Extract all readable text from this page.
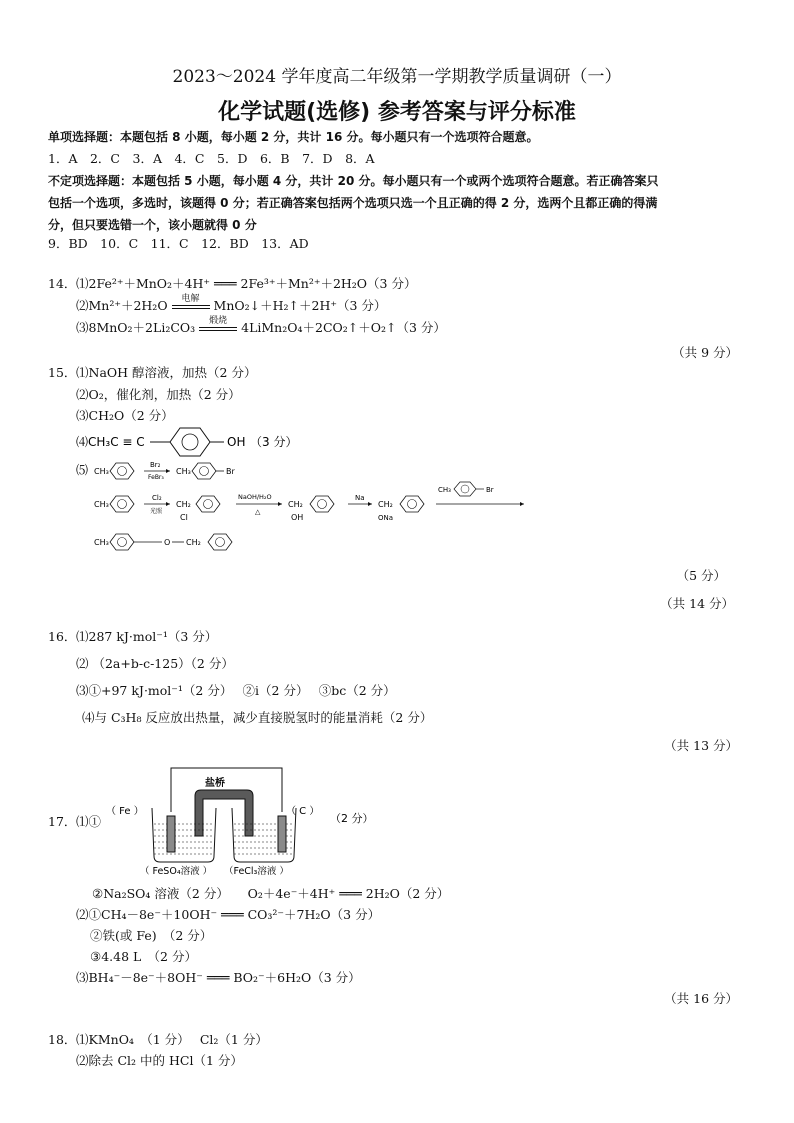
2023～2024 学年度高二年级第一学期教学质量调研（一）
化学试题(选修) 参考答案与评分标准
单项选择题：本题包括 8 小题，每小题 2 分，共计 16 分。每小题只有一个选项符合题意。
1．A　2．C　3．A　4．C　5．D　6．B　7．D　8．A
不定项选择题：本题包括 5 小题，每小题 4 分，共计 20 分。每小题只有一个或两个选项符合题意。若正确答案只
包括一个选项，多选时，该题得 0 分；若正确答案包括两个选项只选一个且正确的得 2 分，选两个且都正确的得满
分，但只要选错一个，该小题就得 0 分
9．BD　10．C　11．C　12．BD　13．AD
14． ⑴2Fe²⁺＋MnO₂＋4H⁺ ═══ 2Fe³⁺＋Mn²⁺＋2H₂O（3 分）
⑵Mn²⁺＋2H₂O	电解	MnO₂↓＋H₂↑＋2H⁺（3 分）
⑶8MnO₂＋2Li₂CO₃	煅烧	4LiMn₂O₄＋2CO₂↑＋O₂↑（3 分）
（共 9 分）
15． ⑴NaOH 醇溶液，加热（2 分）
⑵O₂，催化剂，加热（2 分）
⑶CH₂O（2 分）
⑷CH₃C ≡ C	OH （3 分）
⑸ CH₃
Br₂
FeBr₃
CH₃	Br
CH₃
Cl₂
光照
CH₂
Cl
NaOH/H₂O
△
CH₂
OH
Na
CH₂
ONa
CH₃	Br
CH₃	O CH₂
（5 分）
（共 14 分）
16． ⑴287 kJ·mol⁻¹（3 分）
⑵ （2a+b-c-125）（2 分）
⑶①+97 kJ·mol⁻¹（2 分）　 ②i（2 分）　 ③bc（2 分）
⑷与 C₃H₈ 反应放出热量，减少直接脱氢时的能量消耗（2 分）
（共 13 分）
17． ⑴①
盐桥
（ Fe ）	（ C ）
（2 分）
（ FeSO₄溶液 ） （FeCl₃溶液 ）
②Na₂SO₄ 溶液（2 分）　　O₂＋4e⁻＋4H⁺ ═══ 2H₂O（2 分）
⑵①CH₄－8e⁻＋10OH⁻ ═══ CO₃²⁻＋7H₂O（3 分）
②铁(或 Fe)　（2 分）
③4.48 L　（2 分）
⑶BH₄⁻－8e⁻＋8OH⁻ ═══ BO₂⁻＋6H₂O（3 分）
（共 16 分）
18． ⑴KMnO₄　（1 分）　 Cl₂（1 分）
⑵除去 Cl₂ 中的 HCl（1 分）
